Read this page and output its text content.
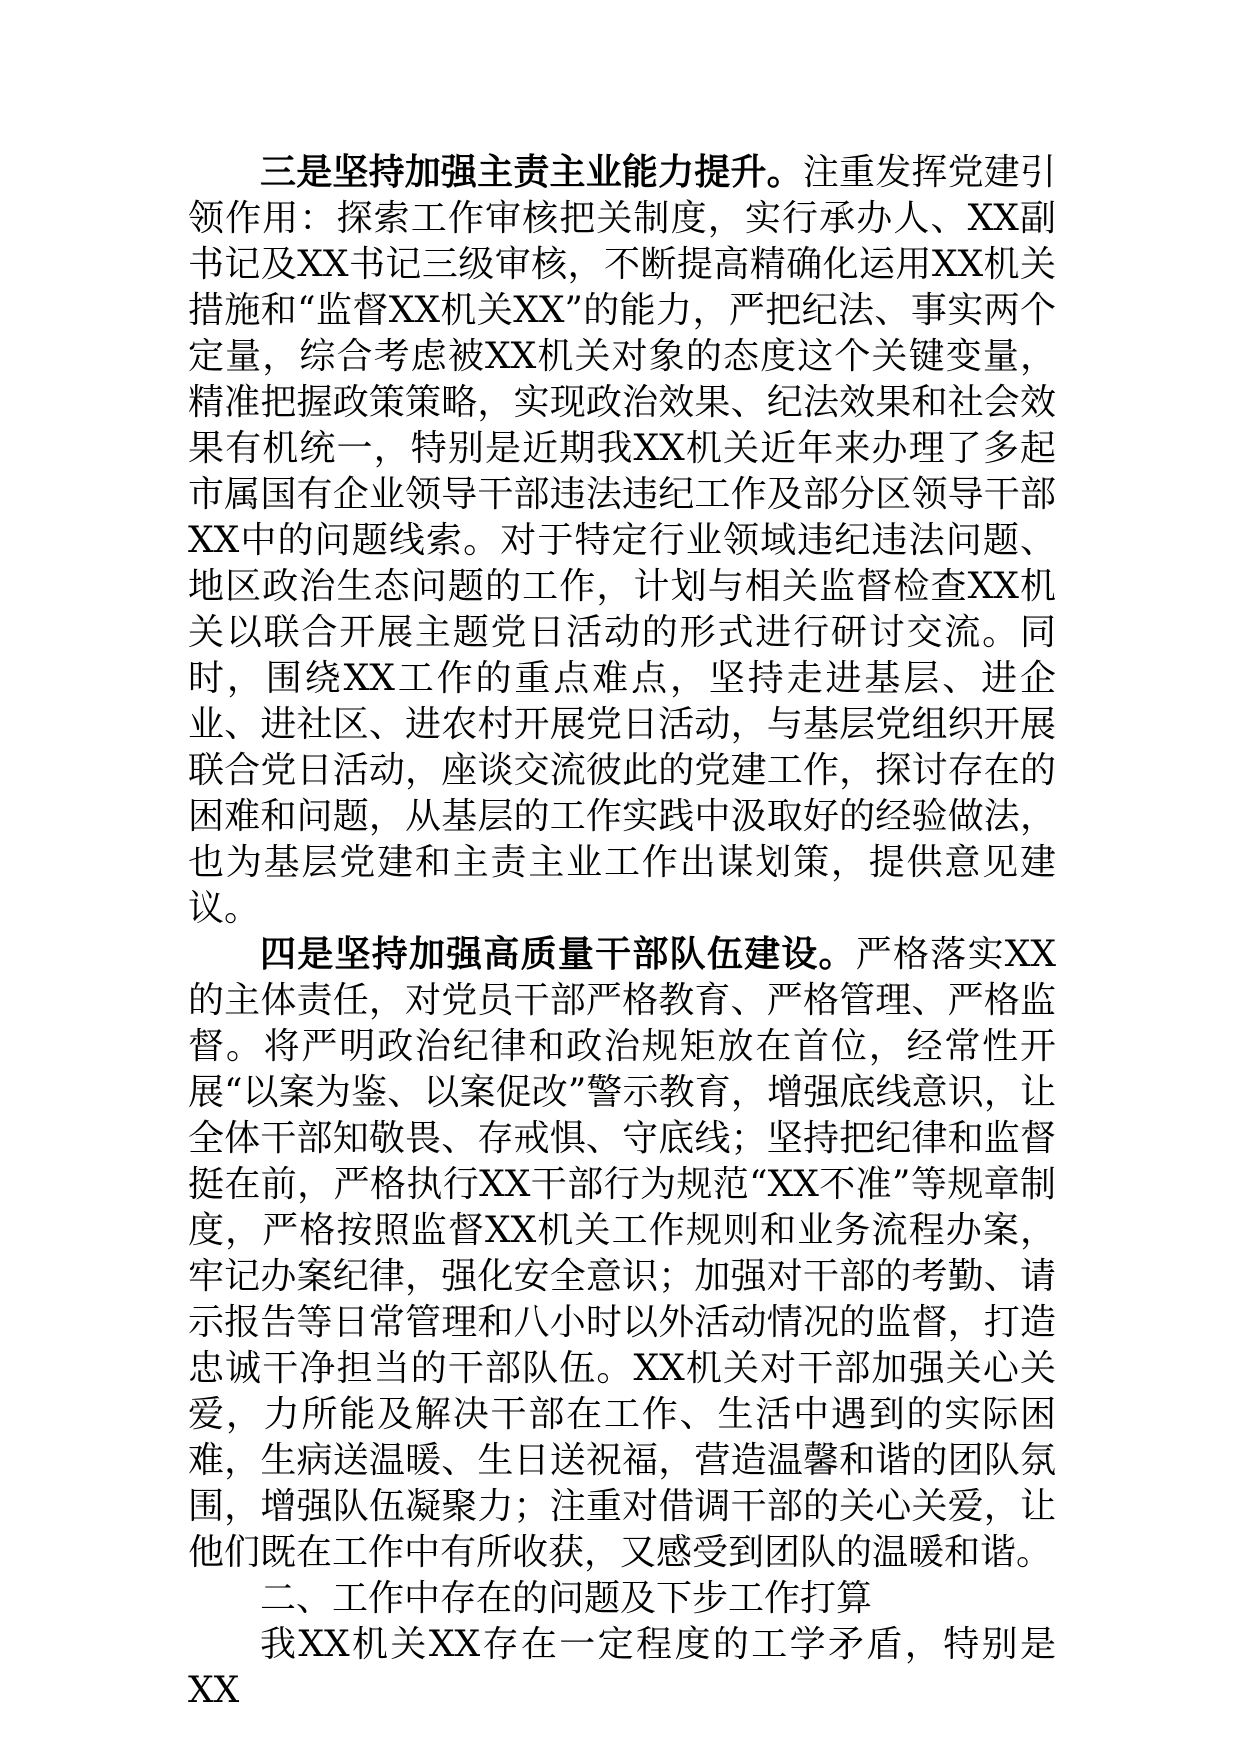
三是坚持加强主责主业能力提升。注重发挥党建引领作用：探索工作审核把关制度，实行承办人、XX副书记及XX书记三级审核，不断提高精确化运用XX机关措施和“监督XX机关XX”的能力，严把纪法、事实两个定量，综合考虑被XX机关对象的态度这个关键变量，精准把握政策策略，实现政治效果、纪法效果和社会效果有机统一，特别是近期我XX机关近年来办理了多起市属国有企业领导干部违法违纪工作及部分区领导干部XX中的问题线索。对于特定行业领域违纪违法问题、地区政治生态问题的工作，计划与相关监督检查XX机关以联合开展主题党日活动的形式进行研讨交流。同时，围绕XX工作的重点难点，坚持走进基层、进企业、进社区、进农村开展党日活动，与基层党组织开展联合党日活动，座谈交流彼此的党建工作，探讨存在的困难和问题，从基层的工作实践中汲取好的经验做法，也为基层党建和主责主业工作出谋划策，提供意见建议。

四是坚持加强高质量干部队伍建设。严格落实XX的主体责任，对党员干部严格教育、严格管理、严格监督。将严明政治纪律和政治规矩放在首位，经常性开展“以案为鉴、以案促改”警示教育，增强底线意识，让全体干部知敬畏、存戒惧、守底线；坚持把纪律和监督挺在前，严格执行XX干部行为规范“XX不准”等规章制度，严格按照监督XX机关工作规则和业务流程办案，牢记办案纪律，强化安全意识；加强对干部的考勤、请示报告等日常管理和八小时以外活动情况的监督，打造忠诚干净担当的干部队伍。XX机关对干部加强关心关爱，力所能及解决干部在工作、生活中遇到的实际困难，生病送温暖、生日送祝福，营造温馨和谐的团队氛围，增强队伍凝聚力；注重对借调干部的关心关爱，让他们既在工作中有所收获，又感受到团队的温暖和谐。

二、工作中存在的问题及下步工作打算

我XX机关XX存在一定程度的工学矛盾，特别是XX
